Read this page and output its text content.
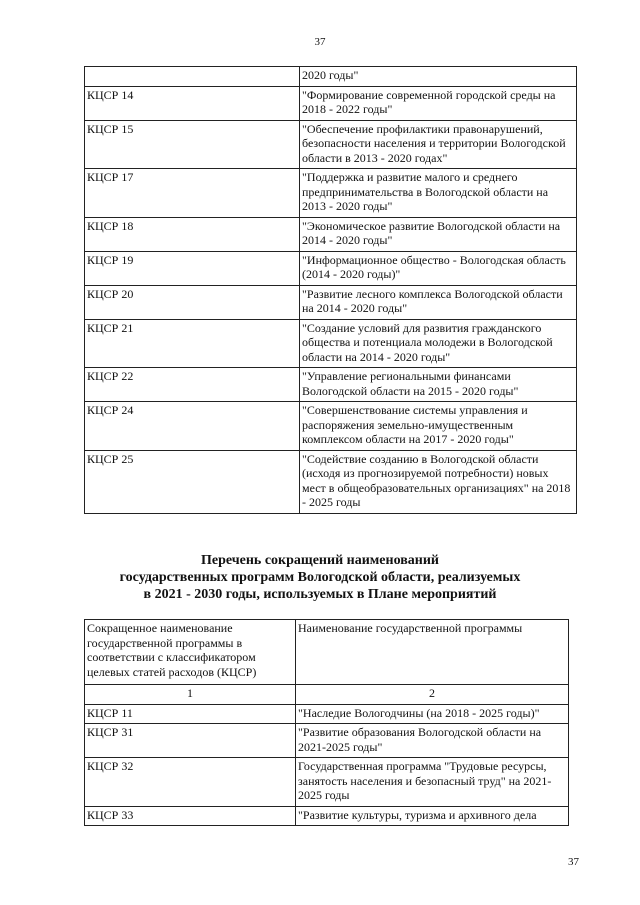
37
	2020 годы"
КЦСР 14	"Формирование современной городской среды на 2018 - 2022 годы"
КЦСР 15	"Обеспечение профилактики правонарушений, безопасности населения и территории Вологодской области в 2013 - 2020 годах"
КЦСР 17	"Поддержка и развитие малого и среднего предпринимательства в Вологодской области на 2013 - 2020 годы"
КЦСР 18	"Экономическое развитие Вологодской области на 2014 - 2020 годы"
КЦСР 19	"Информационное общество - Вологодская область (2014 - 2020 годы)"
КЦСР 20	"Развитие лесного комплекса Вологодской области на 2014 - 2020 годы"
КЦСР 21	"Создание условий для развития гражданского общества и потенциала молодежи в Вологодской области на 2014 - 2020 годы"
КЦСР 22	"Управление региональными финансами Вологодской области на 2015 - 2020 годы"
КЦСР 24	"Совершенствование системы управления и распоряжения земельно-имущественным комплексом области на 2017 - 2020 годы"
КЦСР 25	"Содействие созданию в Вологодской области (исходя из прогнозируемой потребности) новых мест в общеобразовательных организациях" на 2018 - 2025 годы
Перечень сокращений наименований
государственных программ Вологодской области, реализуемых
в 2021 - 2030 годы, используемых в Плане мероприятий
Сокращенное наименование государственной программы в соответствии с классификатором целевых статей расходов (КЦСР)	Наименование государственной программы
1	2
КЦСР 11	"Наследие Вологодчины (на 2018 - 2025 годы)"
КЦСР 31	"Развитие образования Вологодской области на 2021-2025 годы"
КЦСР 32	Государственная программа "Трудовые ресурсы, занятость населения и безопасный труд" на 2021-2025 годы
КЦСР 33	"Развитие культуры, туризма и архивного дела
37
